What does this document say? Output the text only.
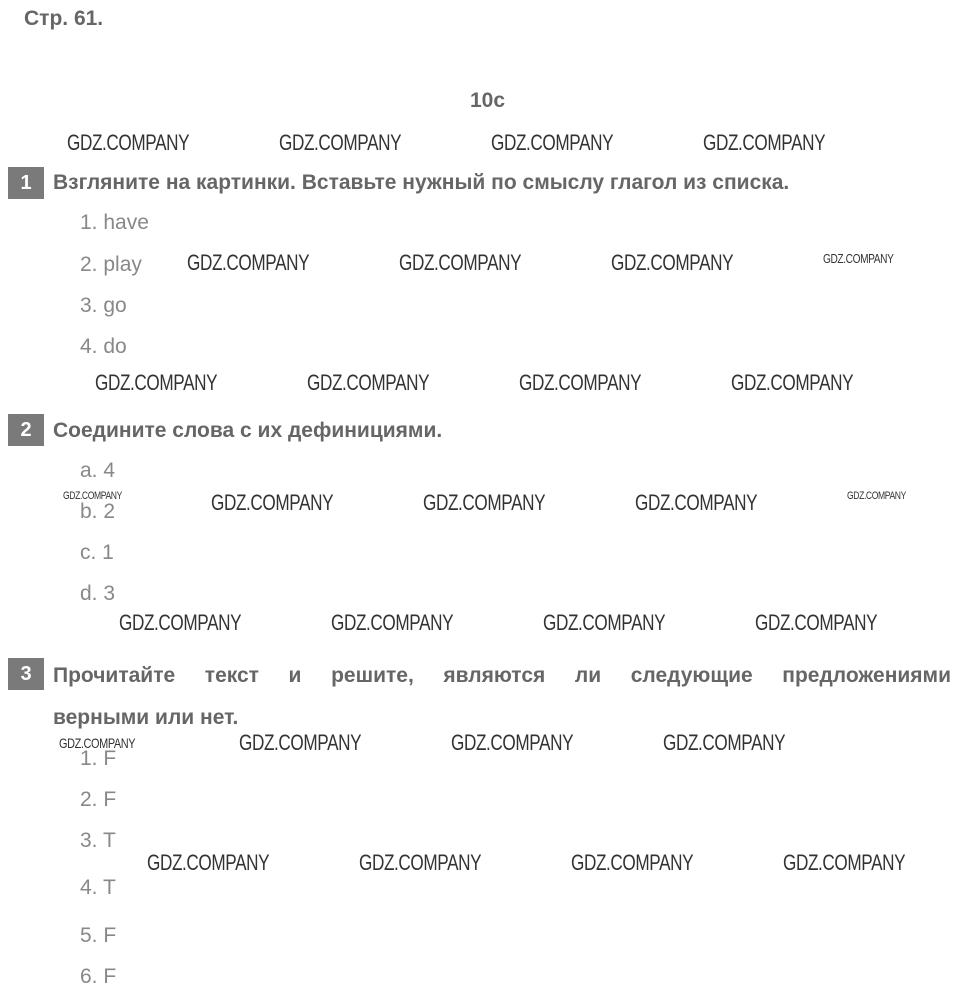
Стр. 61.
10c
1	Взгляните на картинки. Вставьте нужный по смыслу глагол из списка.
1. have
2. play
3. go
4. do
2	Соедините слова с их дефинициями.
a. 4
b. 2
c. 1
d. 3
3	Прочитайте текст и решите, являются ли следующие предложениями
верными или нет.
1. F
2. F
3. T
4. T
5. F
6. F
GDZ.COMPANY	GDZ.COMPANY	GDZ.COMPANY	GDZ.COMPANY
GDZ.COMPANY	GDZ.COMPANY	GDZ.COMPANY	GDZ.COMPANY
GDZ.COMPANY	GDZ.COMPANY	GDZ.COMPANY	GDZ.COMPANY
GDZ.COMPANY	GDZ.COMPANY	GDZ.COMPANY	GDZ.COMPANY	GDZ.COMPANY
GDZ.COMPANY	GDZ.COMPANY	GDZ.COMPANY	GDZ.COMPANY
GDZ.COMPANY	GDZ.COMPANY	GDZ.COMPANY	GDZ.COMPANY
GDZ.COMPANY	GDZ.COMPANY	GDZ.COMPANY	GDZ.COMPANY
